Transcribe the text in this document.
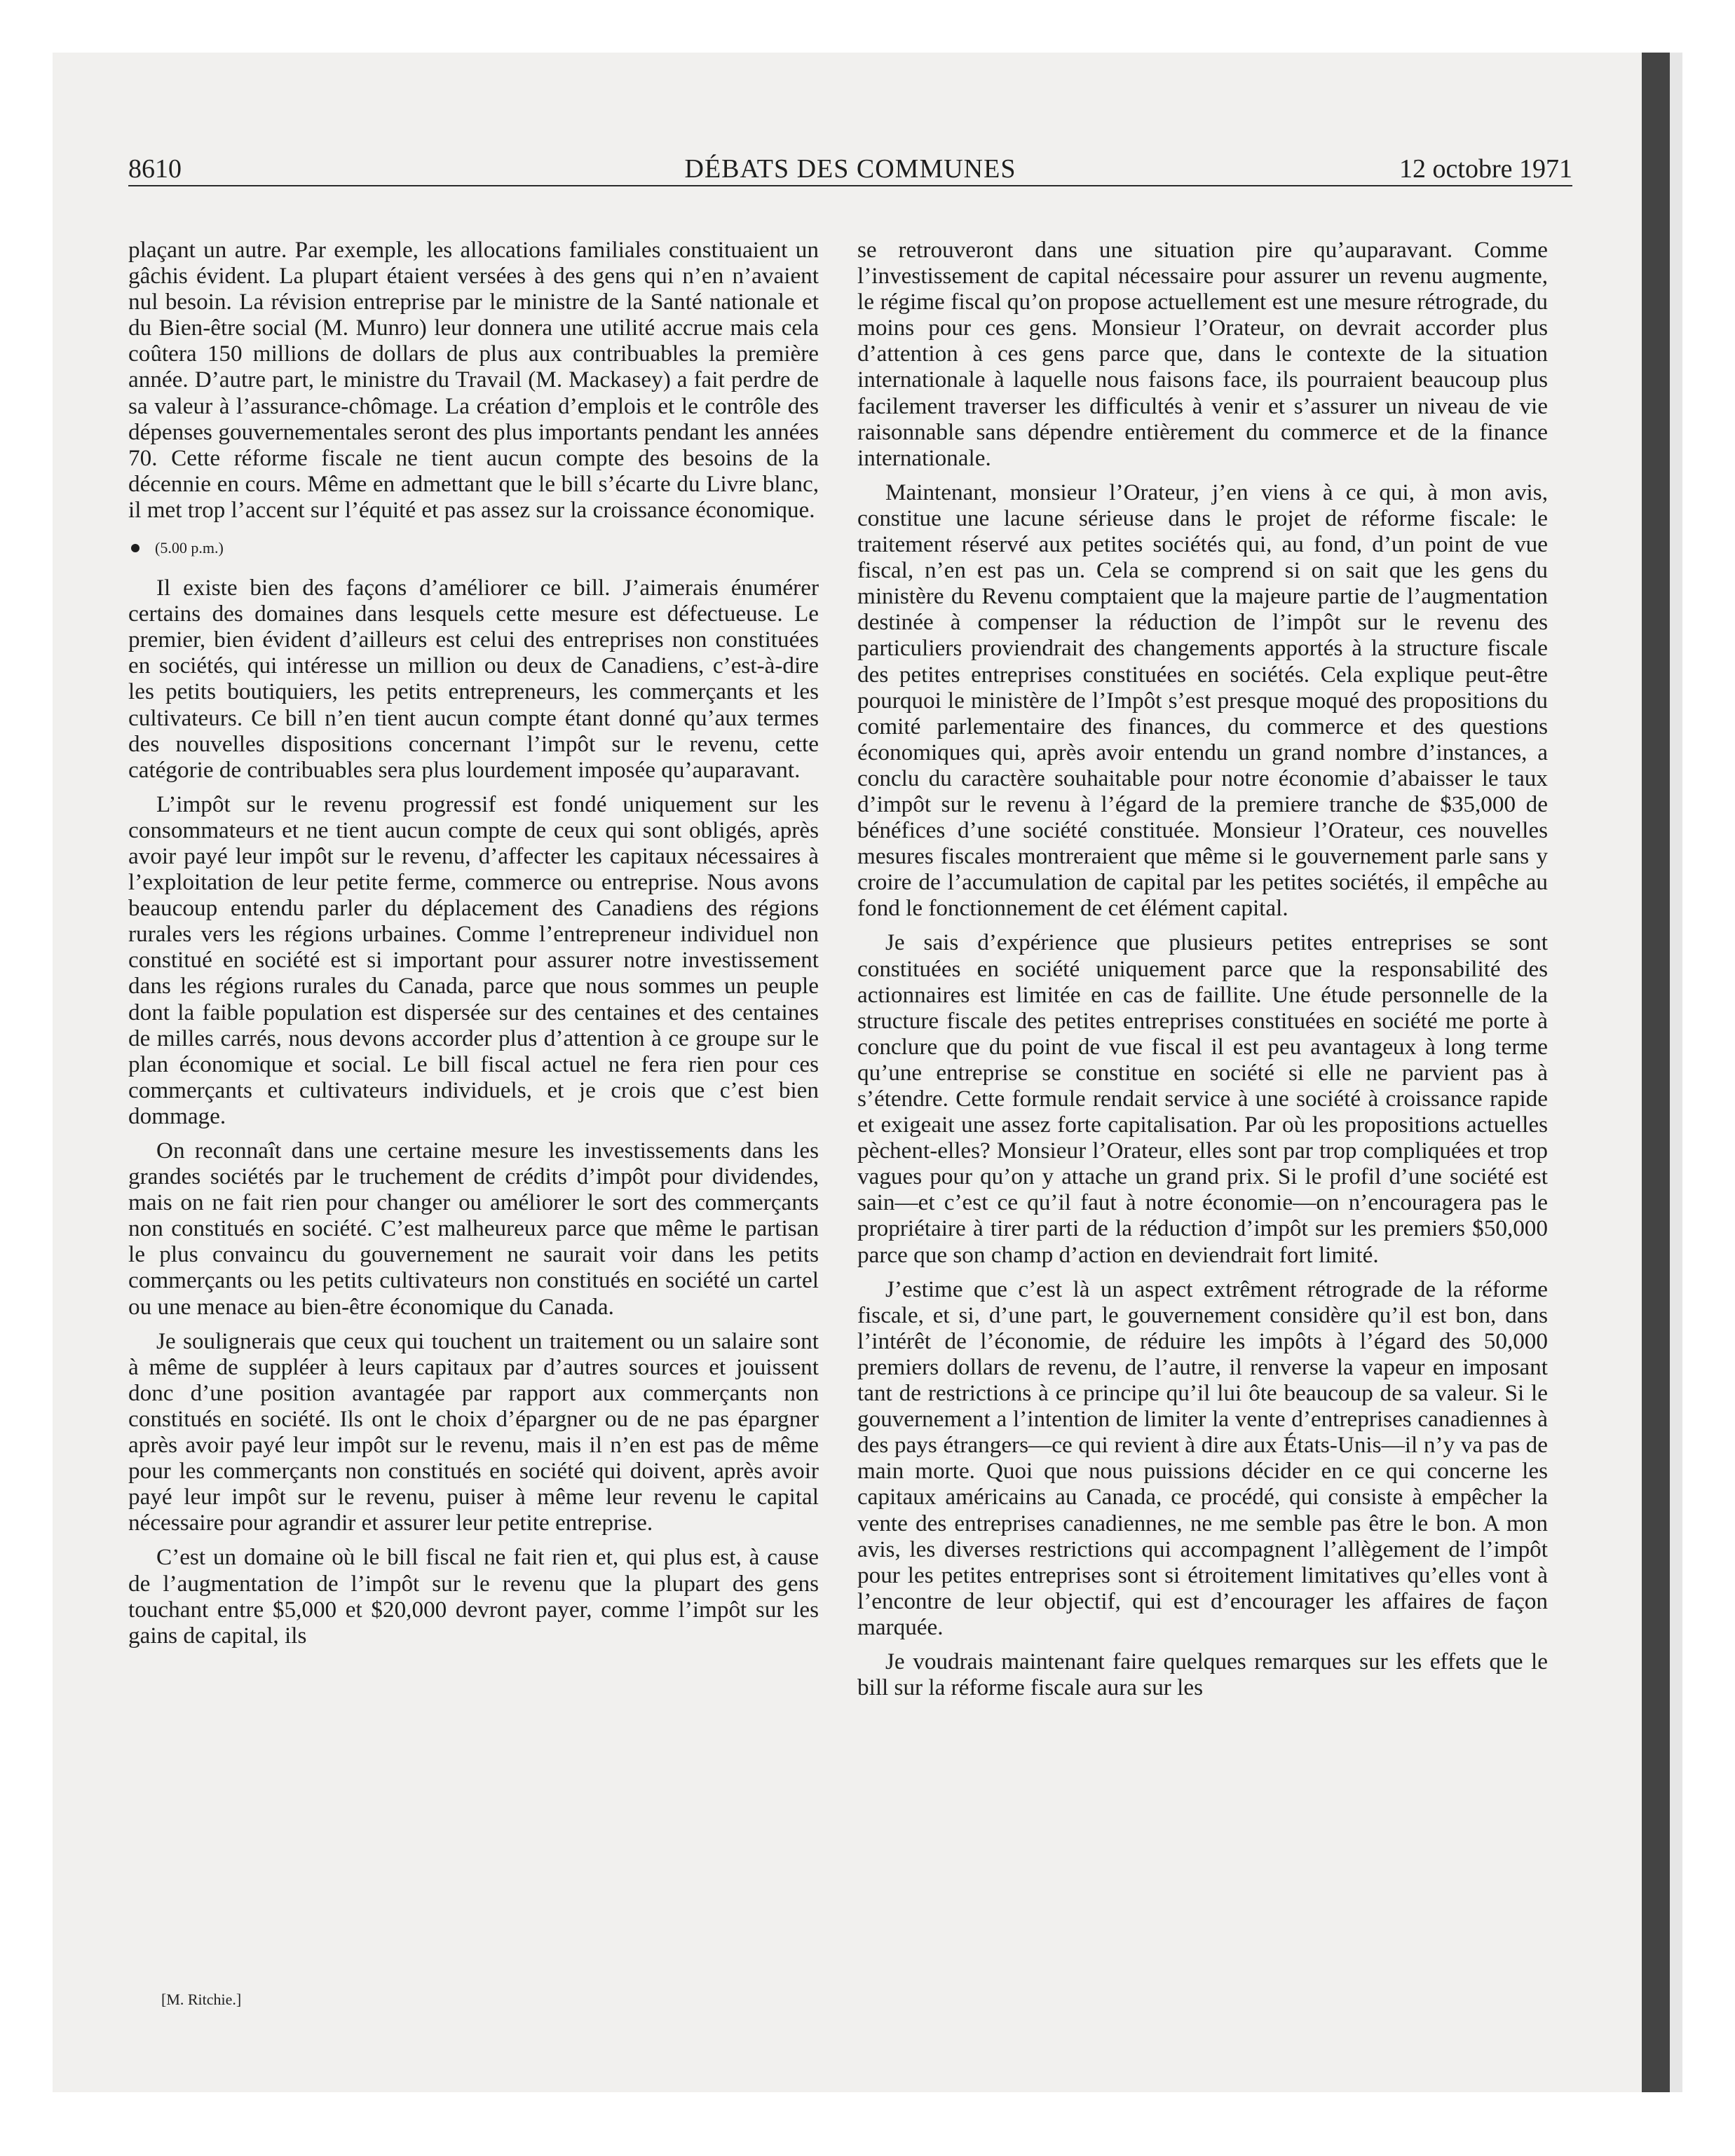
8610	DÉBATS DES COMMUNES	12 octobre 1971

plaçant un autre. Par exemple, les allocations familiales constituaient un gâchis évident. La plupart étaient versées à des gens qui n’en n’avaient nul besoin. La révision entreprise par le ministre de la Santé nationale et du Bien-être social (M. Munro) leur donnera une utilité accrue mais cela coûtera 150 millions de dollars de plus aux contribuables la première année. D’autre part, le ministre du Travail (M. Mackasey) a fait perdre de sa valeur à l’assurance-chômage. La création d’emplois et le contrôle des dépenses gouvernementales seront des plus importants pendant les années 70. Cette réforme fiscale ne tient aucun compte des besoins de la décennie en cours. Même en admettant que le bill s’écarte du Livre blanc, il met trop l’accent sur l’équité et pas assez sur la croissance économique.

(5.00 p.m.)

Il existe bien des façons d’améliorer ce bill. J’aimerais énumérer certains des domaines dans lesquels cette mesure est défectueuse. Le premier, bien évident d’ailleurs est celui des entreprises non constituées en sociétés, qui intéresse un million ou deux de Canadiens, c’est-à-dire les petits boutiquiers, les petits entrepreneurs, les commerçants et les cultivateurs. Ce bill n’en tient aucun compte étant donné qu’aux termes des nouvelles dispositions concernant l’impôt sur le revenu, cette catégorie de contribuables sera plus lourdement imposée qu’auparavant.

L’impôt sur le revenu progressif est fondé uniquement sur les consommateurs et ne tient aucun compte de ceux qui sont obligés, après avoir payé leur impôt sur le revenu, d’affecter les capitaux nécessaires à l’exploitation de leur petite ferme, commerce ou entreprise. Nous avons beaucoup entendu parler du déplacement des Canadiens des régions rurales vers les régions urbaines. Comme l’entrepreneur individuel non constitué en société est si important pour assurer notre investissement dans les régions rurales du Canada, parce que nous sommes un peuple dont la faible population est dispersée sur des centaines et des centaines de milles carrés, nous devons accorder plus d’attention à ce groupe sur le plan économique et social. Le bill fiscal actuel ne fera rien pour ces commerçants et cultivateurs individuels, et je crois que c’est bien dommage.

On reconnaît dans une certaine mesure les investissements dans les grandes sociétés par le truchement de crédits d’impôt pour dividendes, mais on ne fait rien pour changer ou améliorer le sort des commerçants non constitués en société. C’est malheureux parce que même le partisan le plus convaincu du gouvernement ne saurait voir dans les petits commerçants ou les petits cultivateurs non constitués en société un cartel ou une menace au bien-être économique du Canada.

Je soulignerais que ceux qui touchent un traitement ou un salaire sont à même de suppléer à leurs capitaux par d’autres sources et jouissent donc d’une position avantagée par rapport aux commerçants non constitués en société. Ils ont le choix d’épargner ou de ne pas épargner après avoir payé leur impôt sur le revenu, mais il n’en est pas de même pour les commerçants non constitués en société qui doivent, après avoir payé leur impôt sur le revenu, puiser à même leur revenu le capital nécessaire pour agrandir et assurer leur petite entreprise.

C’est un domaine où le bill fiscal ne fait rien et, qui plus est, à cause de l’augmentation de l’impôt sur le revenu que la plupart des gens touchant entre $5,000 et $20,000 devront payer, comme l’impôt sur les gains de capital, ils

se retrouveront dans une situation pire qu’auparavant. Comme l’investissement de capital nécessaire pour assurer un revenu augmente, le régime fiscal qu’on propose actuellement est une mesure rétrograde, du moins pour ces gens. Monsieur l’Orateur, on devrait accorder plus d’attention à ces gens parce que, dans le contexte de la situation internationale à laquelle nous faisons face, ils pourraient beaucoup plus facilement traverser les difficultés à venir et s’assurer un niveau de vie raisonnable sans dépendre entièrement du commerce et de la finance internationale.

Maintenant, monsieur l’Orateur, j’en viens à ce qui, à mon avis, constitue une lacune sérieuse dans le projet de réforme fiscale: le traitement réservé aux petites sociétés qui, au fond, d’un point de vue fiscal, n’en est pas un. Cela se comprend si on sait que les gens du ministère du Revenu comptaient que la majeure partie de l’augmentation destinée à compenser la réduction de l’impôt sur le revenu des particuliers proviendrait des changements apportés à la structure fiscale des petites entreprises constituées en sociétés. Cela explique peut-être pourquoi le ministère de l’Impôt s’est presque moqué des propositions du comité parlementaire des finances, du commerce et des questions économiques qui, après avoir entendu un grand nombre d’instances, a conclu du caractère souhaitable pour notre économie d’abaisser le taux d’impôt sur le revenu à l’égard de la premiere tranche de $35,000 de bénéfices d’une société constituée. Monsieur l’Orateur, ces nouvelles mesures fiscales montreraient que même si le gouvernement parle sans y croire de l’accumulation de capital par les petites sociétés, il empêche au fond le fonctionnement de cet élément capital.

Je sais d’expérience que plusieurs petites entreprises se sont constituées en société uniquement parce que la responsabilité des actionnaires est limitée en cas de faillite. Une étude personnelle de la structure fiscale des petites entreprises constituées en société me porte à conclure que du point de vue fiscal il est peu avantageux à long terme qu’une entreprise se constitue en société si elle ne parvient pas à s’étendre. Cette formule rendait service à une société à croissance rapide et exigeait une assez forte capitalisation. Par où les propositions actuelles pèchent-elles? Monsieur l’Orateur, elles sont par trop compliquées et trop vagues pour qu’on y attache un grand prix. Si le profil d’une société est sain—et c’est ce qu’il faut à notre économie—on n’encouragera pas le propriétaire à tirer parti de la réduction d’impôt sur les premiers $50,000 parce que son champ d’action en deviendrait fort limité.

J’estime que c’est là un aspect extrêment rétrograde de la réforme fiscale, et si, d’une part, le gouvernement considère qu’il est bon, dans l’intérêt de l’économie, de réduire les impôts à l’égard des 50,000 premiers dollars de revenu, de l’autre, il renverse la vapeur en imposant tant de restrictions à ce principe qu’il lui ôte beaucoup de sa valeur. Si le gouvernement a l’intention de limiter la vente d’entreprises canadiennes à des pays étrangers—ce qui revient à dire aux États-Unis—il n’y va pas de main morte. Quoi que nous puissions décider en ce qui concerne les capitaux américains au Canada, ce procédé, qui consiste à empêcher la vente des entreprises canadiennes, ne me semble pas être le bon. A mon avis, les diverses restrictions qui accompagnent l’allègement de l’impôt pour les petites entreprises sont si étroitement limitatives qu’elles vont à l’encontre de leur objectif, qui est d’encourager les affaires de façon marquée.

Je voudrais maintenant faire quelques remarques sur les effets que le bill sur la réforme fiscale aura sur les

[M. Ritchie.]
